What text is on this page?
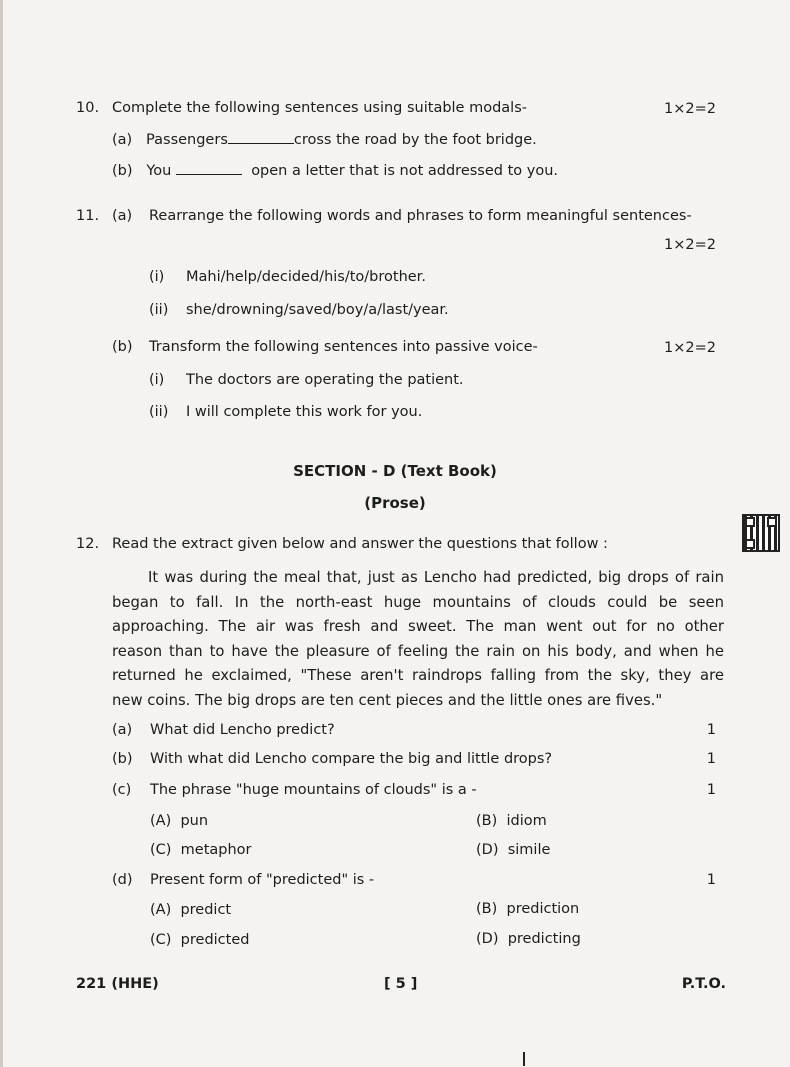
10. Complete the following sentences using suitable modals-	1×2=2
(a) Passengers	cross the road by the foot bridge.
(b) You	open a letter that is not addressed to you.
11. (a) Rearrange the following words and phrases to form meaningful sentences-
1×2=2
(i) Mahi/help/decided/his/to/brother.
(ii) she/drowning/saved/boy/a/last/year.
(b) Transform the following sentences into passive voice-	1×2=2
(i) The doctors are operating the patient.
(ii) I will complete this work for you.
SECTION - D (Text Book)
(Prose)
12. Read the extract given below and answer the questions that follow :
It was during the meal that, just as Lencho had predicted, big drops of rain
began to fall. In the north-east huge mountains of clouds could be seen
approaching. The air was fresh and sweet. The man went out for no other
reason than to have the pleasure of feeling the rain on his body, and when he
returned he exclaimed, "These aren't raindrops falling from the sky, they are
new coins. The big drops are ten cent pieces and the little ones are fives."
(a) What did Lencho predict?	1
(b) With what did Lencho compare the big and little drops?	1
(c) The phrase "huge mountains of clouds" is a -	1
(A) pun	(B) idiom
(C) metaphor	(D) simile
(d) Present form of "predicted" is -	1
(A) predict	(B) prediction
(C) predicted	(D) predicting
221 (HHE)	[ 5 ]	P.T.O.
